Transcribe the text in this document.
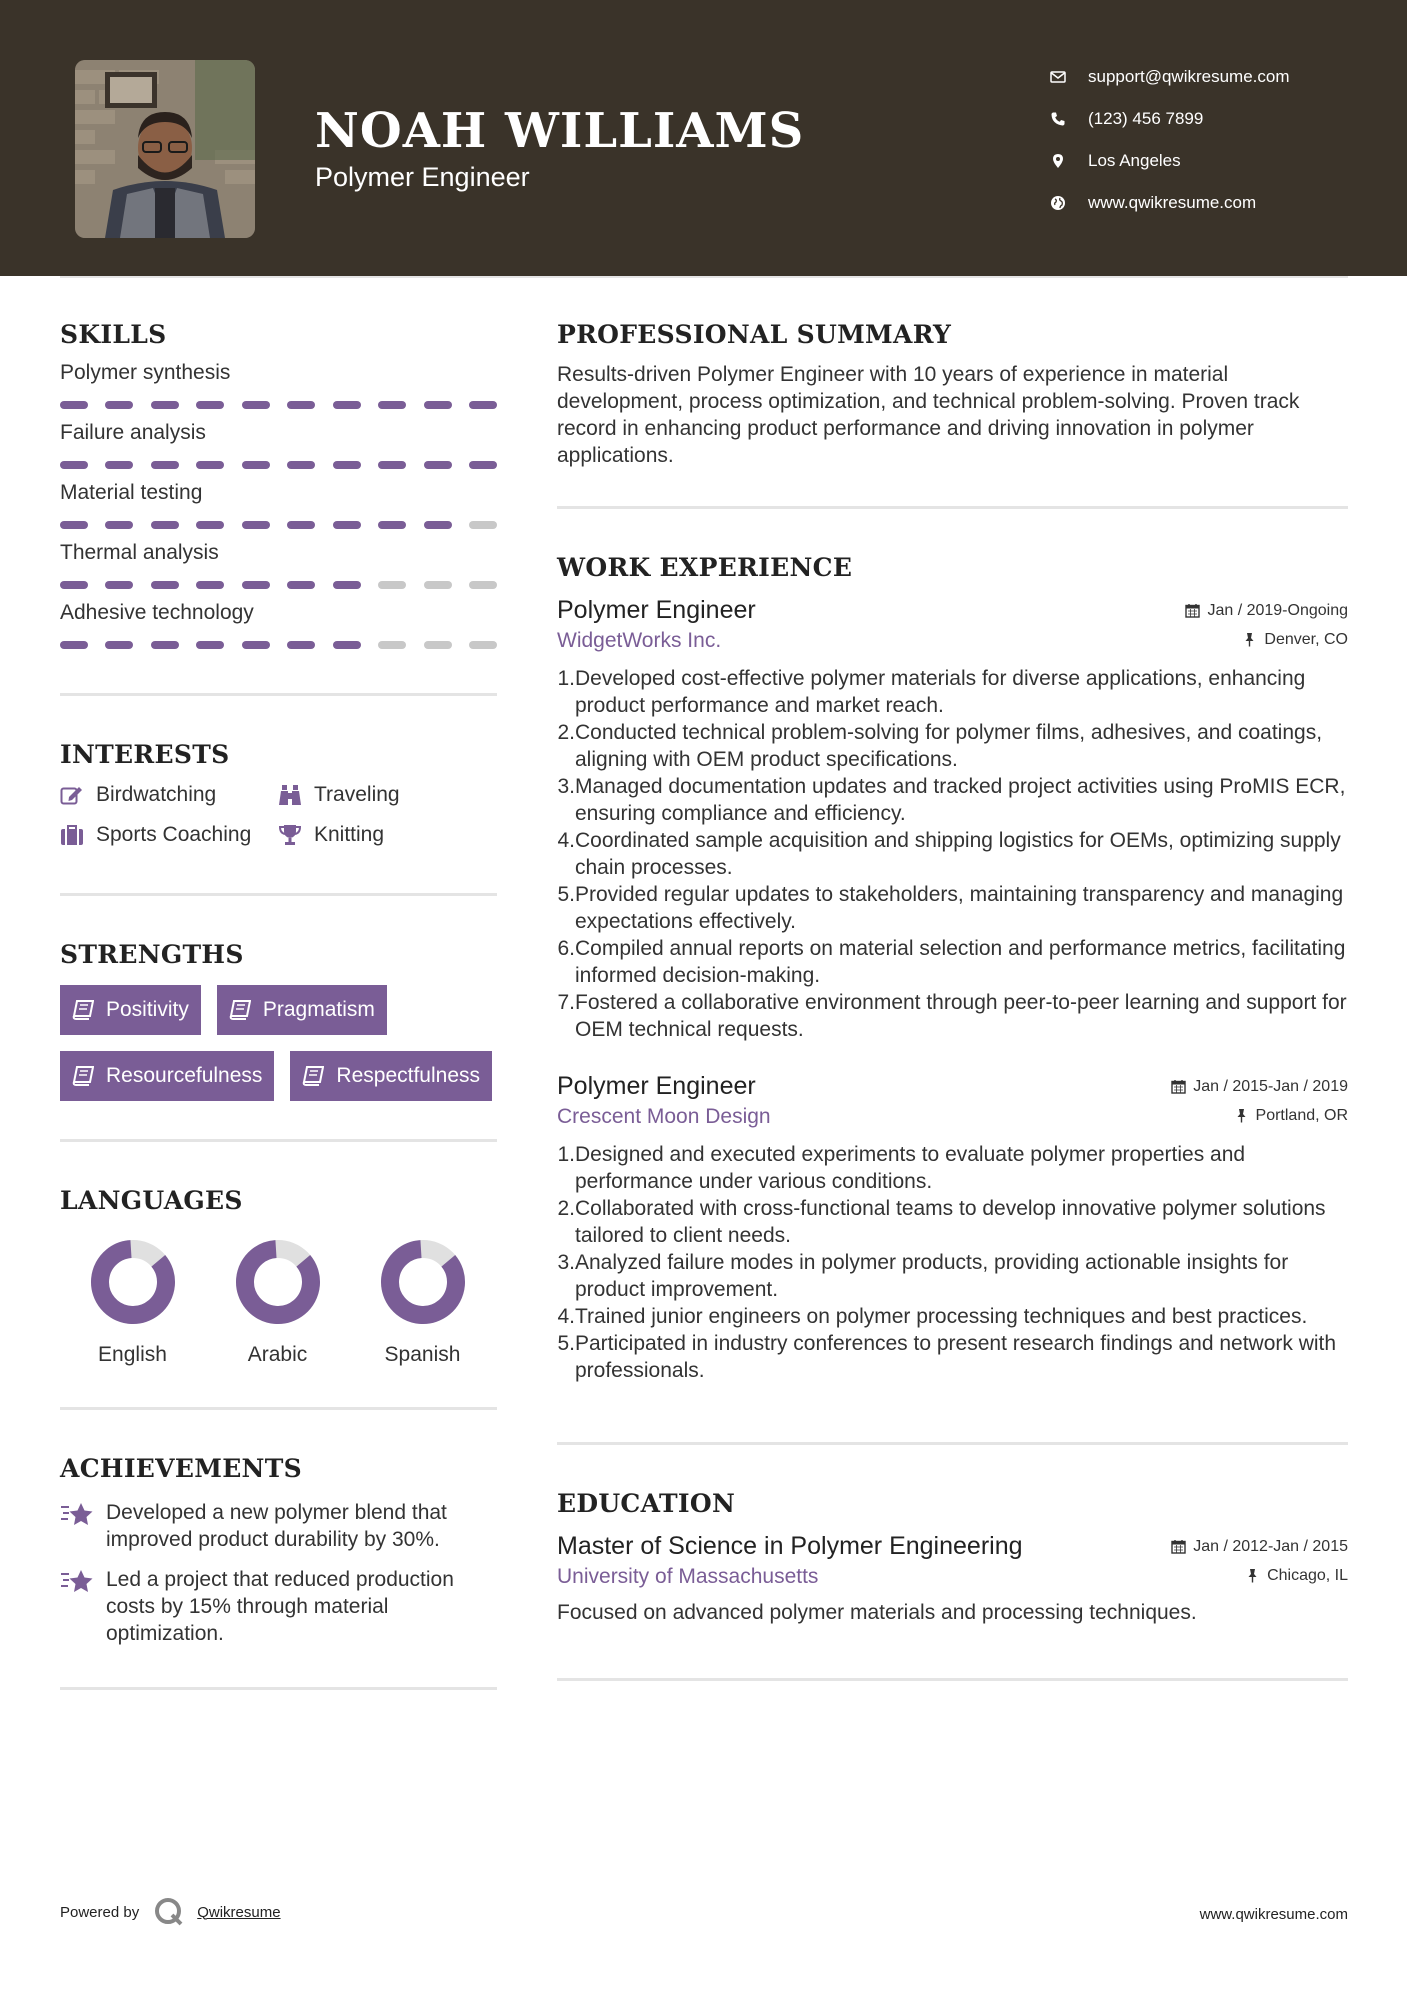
NOAH WILLIAMS
Polymer Engineer
support@qwikresume.com
(123) 456 7899
Los Angeles
www.qwikresume.com
SKILLS
Polymer synthesis
Failure analysis
Material testing
Thermal analysis
Adhesive technology
INTERESTS
Birdwatching	Traveling
Sports Coaching	Knitting
STRENGTHS
Positivity	Pragmatism
Resourcefulness	Respectfulness
LANGUAGES
English	Arabic	Spanish
ACHIEVEMENTS
Developed a new polymer blend that improved product durability by 30%.
Led a project that reduced production costs by 15% through material optimization.
PROFESSIONAL SUMMARY
Results-driven Polymer Engineer with 10 years of experience in material development, process optimization, and technical problem-solving. Proven track record in enhancing product performance and driving innovation in polymer applications.
WORK EXPERIENCE
Polymer Engineer	Jan / 2019-Ongoing
WidgetWorks Inc.	Denver, CO
1. Developed cost-effective polymer materials for diverse applications, enhancing product performance and market reach.
2. Conducted technical problem-solving for polymer films, adhesives, and coatings, aligning with OEM product specifications.
3. Managed documentation updates and tracked project activities using ProMIS ECR, ensuring compliance and efficiency.
4. Coordinated sample acquisition and shipping logistics for OEMs, optimizing supply chain processes.
5. Provided regular updates to stakeholders, maintaining transparency and managing expectations effectively.
6. Compiled annual reports on material selection and performance metrics, facilitating informed decision-making.
7. Fostered a collaborative environment through peer-to-peer learning and support for OEM technical requests.
Polymer Engineer	Jan / 2015-Jan / 2019
Crescent Moon Design	Portland, OR
1. Designed and executed experiments to evaluate polymer properties and performance under various conditions.
2. Collaborated with cross-functional teams to develop innovative polymer solutions tailored to client needs.
3. Analyzed failure modes in polymer products, providing actionable insights for product improvement.
4. Trained junior engineers on polymer processing techniques and best practices.
5. Participated in industry conferences to present research findings and network with professionals.
EDUCATION
Master of Science in Polymer Engineering	Jan / 2012-Jan / 2015
University of Massachusetts	Chicago, IL
Focused on advanced polymer materials and processing techniques.
Powered by	Qwikresume	www.qwikresume.com
